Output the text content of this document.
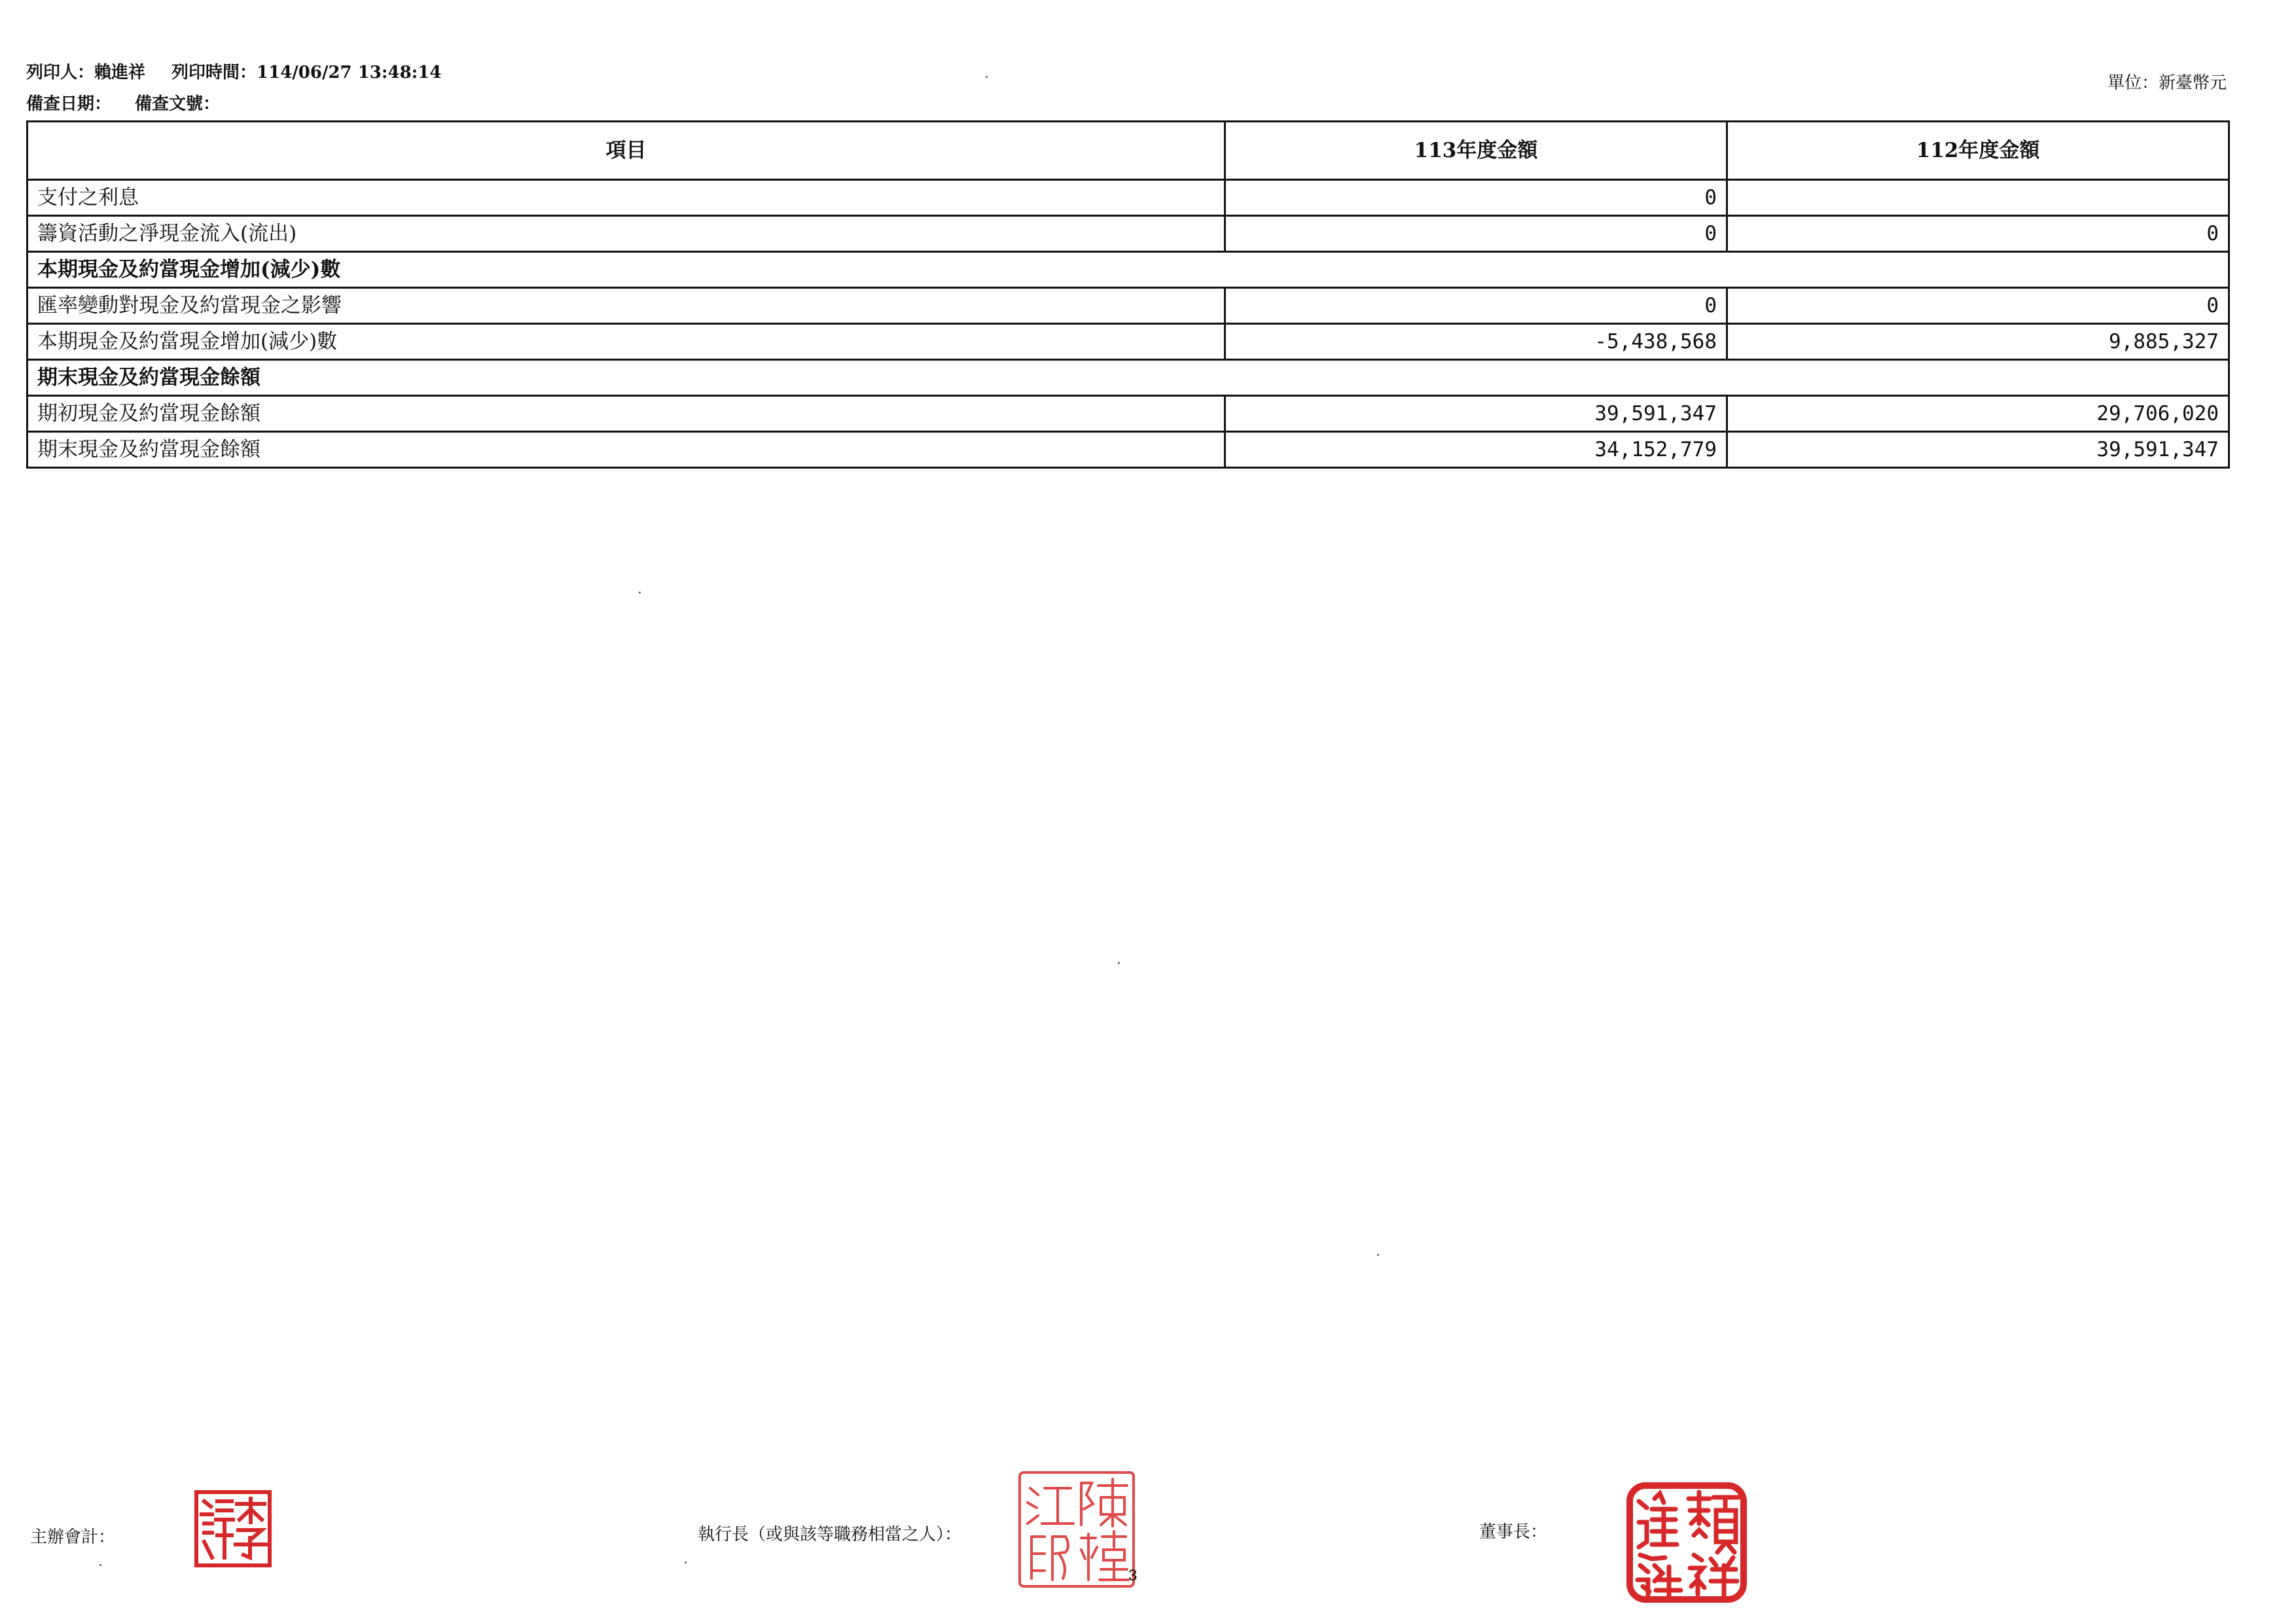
列印人：賴進祥 列印時間：114/06/27 13:48:14
備查日期： 備查文號：
單位：新臺幣元
項目	113年度金額	112年度金額
支付之利息	0	
籌資活動之淨現金流入(流出)	0	0
本期現金及約當現金增加(減少)數		
匯率變動對現金及約當現金之影響	0	0
本期現金及約當現金增加(減少)數	-5,438,568	9,885,327
期末現金及約當現金餘額		
期初現金及約當現金餘額	39,591,347	29,706,020
期末現金及約當現金餘額	34,152,779	39,591,347
主辦會計：	執行長（或與該等職務相當之人）：	董事長：
3
